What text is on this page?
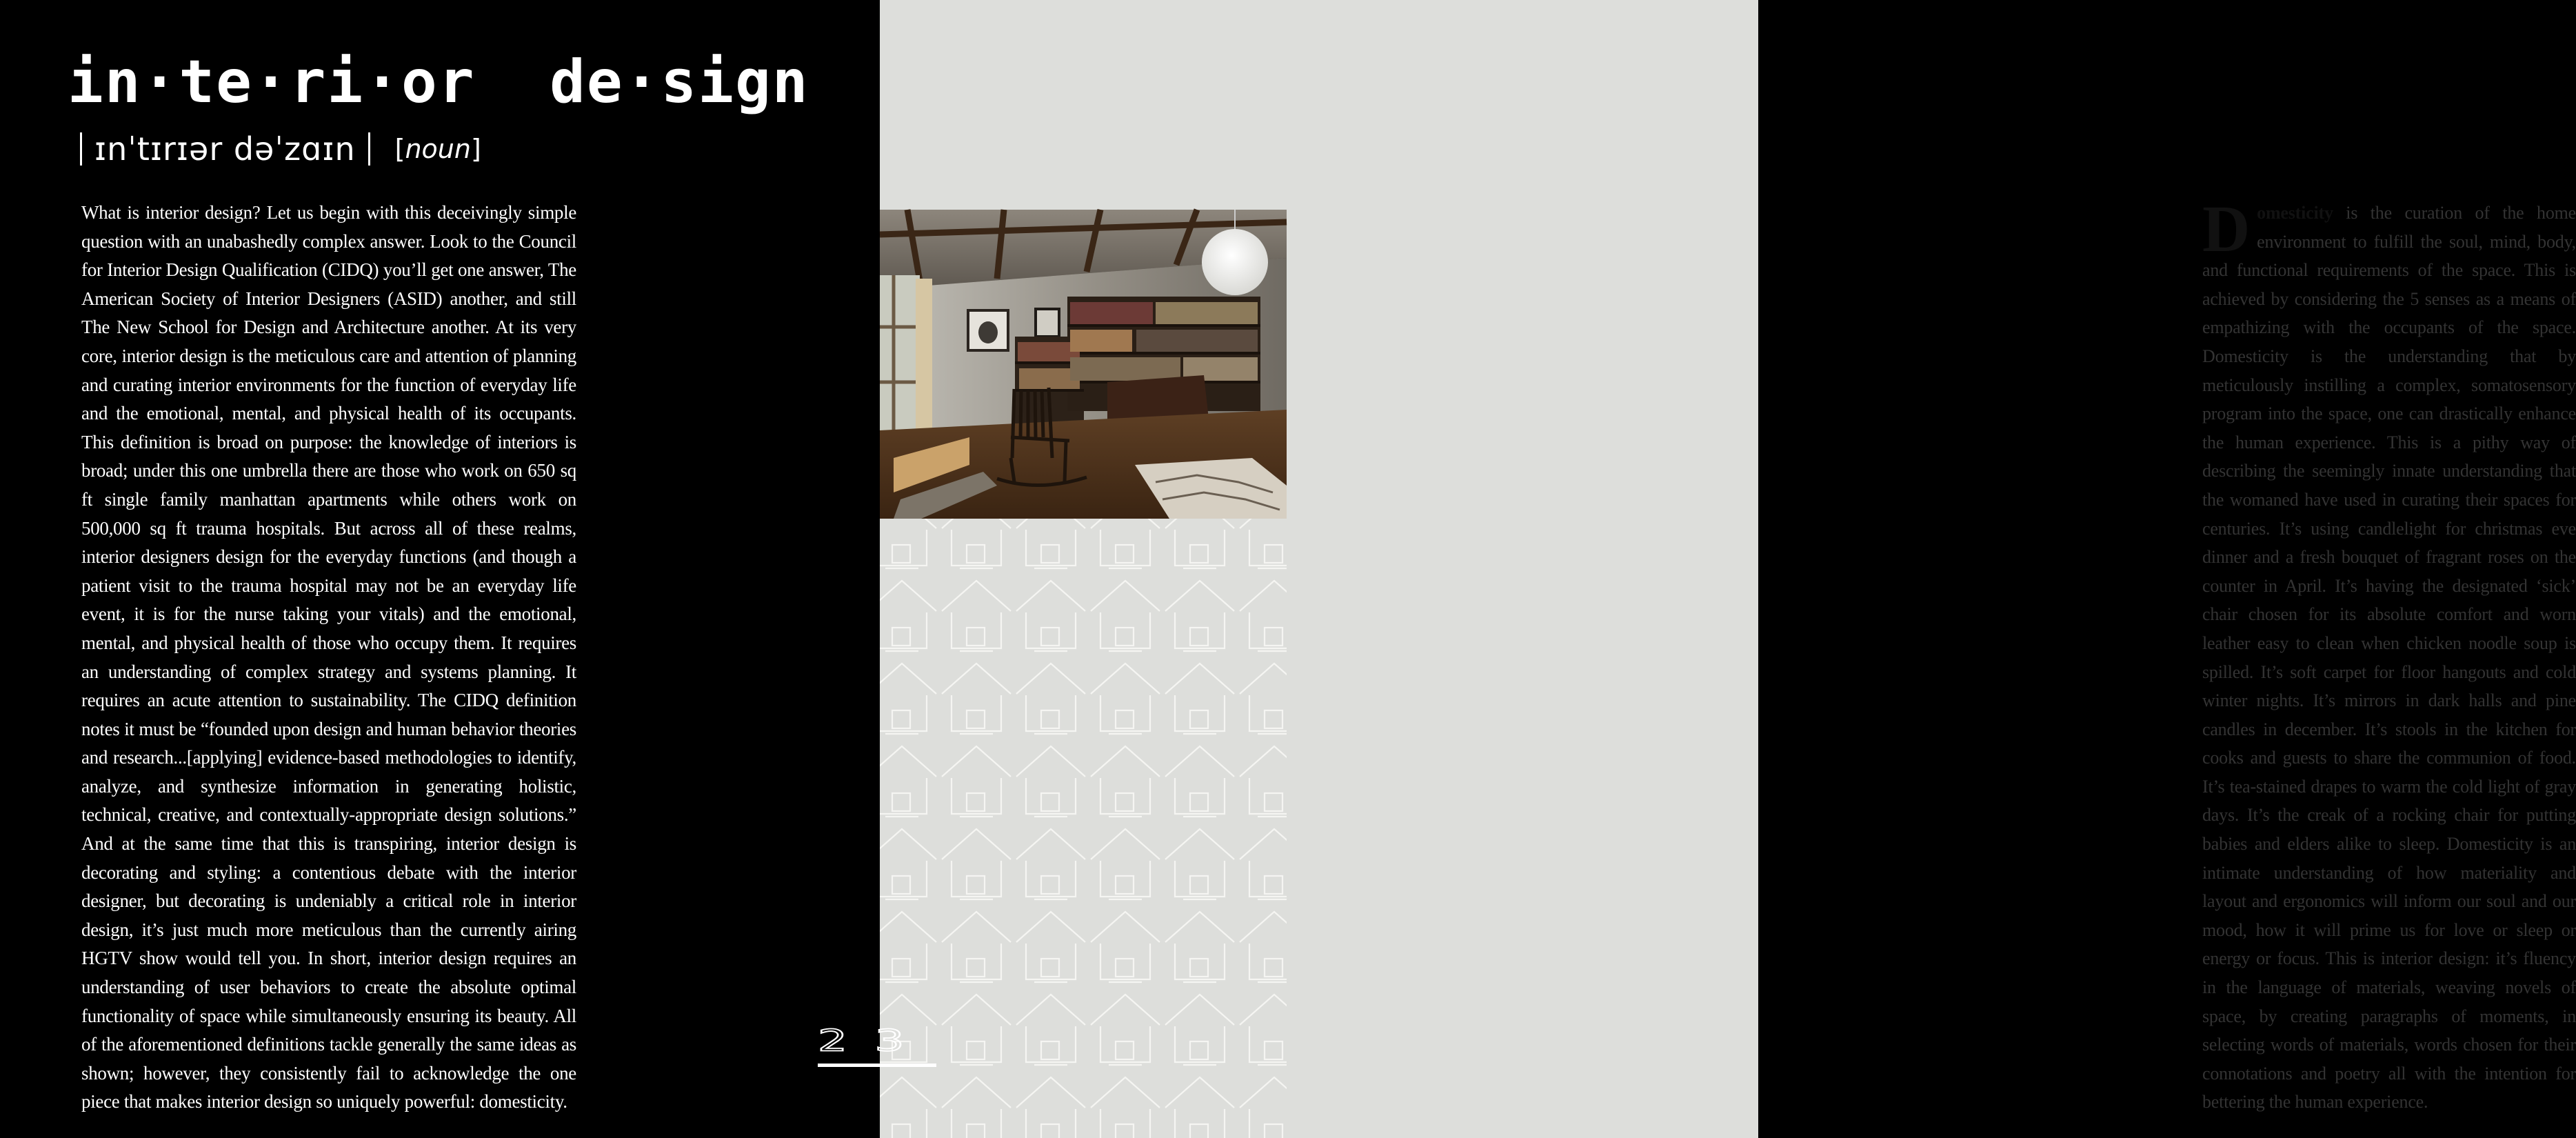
in·te·ri·or  de·sign
ɪnˈtɪrɪər dəˈzɑɪn [noun]

What is interior design? Let us begin with this deceivingly simple question with an unabashedly complex answer. Look to the Council for Interior Design Qualification (CIDQ) you’ll get one answer, The American Society of Interior Designers (ASID) another, and still The New School for Design and Architecture another. At its very core, interior design is the meticulous care and attention of planning and curating interior environments for the function of everyday life and the emotional, mental, and physical health of its occupants. This definition is broad on purpose: the knowledge of interiors is broad; under this one umbrella there are those who work on 650 sq ft single family manhattan apartments while others work on 500,000 sq ft trauma hospitals. But across all of these realms, interior designers design for the everyday functions (and though a patient visit to the trauma hospital may not be an everyday life event, it is for the nurse taking your vitals) and the emotional, mental, and physical health of those who occupy them. It requires an understanding of complex strategy and systems planning. It requires an acute attention to sustainability. The CIDQ definition notes it must be “founded upon design and human behavior theories and research...[applying] evidence-based methodologies to identify, analyze, and synthesize information in generating holistic, technical, creative, and contextually-appropriate design solutions.” And at the same time that this is transpiring, interior design is decorating and styling: a contentious debate with the interior designer, but decorating is undeniably a critical role in interior design, it’s just much more meticulous than the currently airing HGTV show would tell you. In short, interior design requires an understanding of user behaviors to create the absolute optimal functionality of space while simultaneously ensuring its beauty. All of the aforementioned definitions tackle generally the same ideas as shown; however, they consistently fail to acknowledge the one piece that makes interior design so uniquely powerful: domesticity.

Domesticity is the curation of the home environment to fulfill the soul, mind, body, and functional requirements of the space. This is achieved by considering the 5 senses as a means of empathizing with the occupants of the space. Domesticity is the understanding that by meticulously instilling a complex, somatosensory program into the space, one can drastically enhance the human experience. This is a pithy way of describing the seemingly innate understanding that the womaned have used in curating their spaces for centuries. It’s using candlelight for christmas eve dinner and a fresh bouquet of fragrant roses on the counter in April. It’s having the designated ‘sick’ chair chosen for its absolute comfort and worn leather easy to clean when chicken noodle soup is spilled. It’s soft carpet for floor hangouts and cold winter nights. It’s mirrors in dark halls and pine candles in december. It’s stools in the kitchen for cooks and guests to share the communion of food. It’s tea-stained drapes to warm the cold light of gray days. It’s the creak of a rocking chair for putting babies and elders alike to sleep. Domesticity is an intimate understanding of how materiality and layout and ergonomics will inform our soul and our mood, how it will prime us for love or sleep or energy or focus. This is interior design: it’s fluency in the language of materials, weaving novels of space, by creating paragraphs of moments, in selecting words of materials, words chosen for their connotations and poetry all with the intention for bettering the human experience.

2 3
